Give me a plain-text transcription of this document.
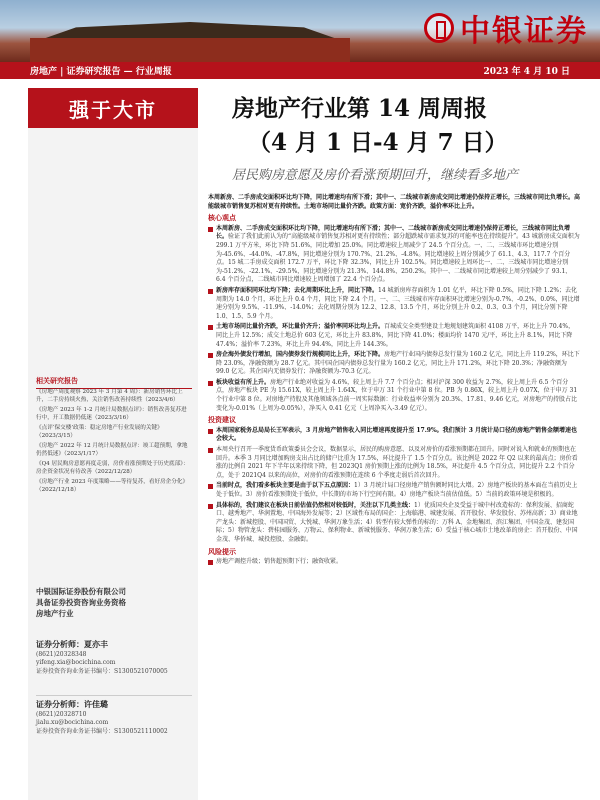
中银证券
房地产 | 证券研究报告 — 行业周报	2023 年 4 月 10 日
强于大市	房地产行业第 14 周周报
（4 月 1 日-4 月 7 日）
居民购房意愿及房价看涨预期回升，继续看多地产

本周新房、二手房成交面积环比均下降，同比增速均有所下滑；其中一、二线城市新房成交同比增速仍保持正增长，三线城市同比负增长。高能级城市销售复苏相对更有持续性。土地市场同比量价齐跌。政策方面：宽价齐跌，溢价率环比上升。

核心观点
本周新房、二手房成交面积环比均下降，同比增速均有所下滑；其中一、二线城市新房成交同比增速仍保持正增长，三线城市同比负增长。验证了我们此前认为的“高能级城市销售复苏相对更有持续性；部分超跌城市需求复苏的可能率也在持续提升”。43 城新房成交面积为 299.1 万平方米，环比下降 51.6%，同比增加 25.0%。同比增速较上周减少了 24.5 个百分点。一、二、三线城市环比增速分别为-45.6%、-44.0%、-47.8%，同比增速分别为 170.7%、21.2%、-4.8%。同比增速较上周分别减少了 61.1、4.3、117.7 个百分点。15 城二手房成交面积 172.7 万平，环比下降 32.3%，同比上升 102.5%。同比增速较上周环比一、二、三线城市同比增速分别为-51.2%、-22.1%、-29.5%，同比增速分别为 21.3%、144.8%、250.2%。其中一、二线城市同比增速较上周分别减少了 93.1、6.4 个百分点，二线城市同比增速较上周增加了 22.4 个百分点。
新房库存面积同环比均下降；去化周期环比上升，同比下降。14 城新房库存面积为 1.01 亿平，环比下降 0.5%，同比下降 1.2%；去化周期为 14.0 个月，环比上升 0.4 个月，同比下降 2.4 个月。一、二、三线城市库存面积环比增速分别为-0.7%、-0.2%、0.0%，同比增速分别为 9.5%、-11.9%、-14.0%；去化周期分别为 12.2、12.8、13.5 个月，环比分别上升 0.2、0.3、0.3 个月，同比分别下降 1.0、1.5、5.9 个月。
土地市场同比量价齐跌，环比量价齐升；溢价率同环比均上升。百城成交全类型建设土地规划建筑面积 4108 万平，环比上升 70.4%，同比上升 12.5%；成交土地总价 603 亿元，环比上升 83.8%，同比下降 41.0%；楼面均价 1470 元/平，环比上升 8.1%，同比下降 47.4%；溢价率 7.23%，环比上升 94.4%，同比上升 144.3%。
房企海外债发行增加，国内债券发行规模同比上升，环比下降。房地产行业国内债券总发行量为 160.2 亿元，同比上升 119.2%，环比下降 23.0%，净融资额为 28.7 亿元。其中国企国内债券总发行量为 160.2 亿元，同比上升 171.2%，环比下降 20.3%；净融资额为 99.0 亿元。其企国内无债券发行；净融资额为-70.3 亿元。
板块收益有所上升。房地产行业绝对收益为 4.6%，较上周上升 7.7 个百分点；相对沪深 300 收益为 2.7%，较上周上升 6.5 个百分点，房地产板块 PE 为 15.61X，较上周上升 1.64X，位于申万 31 个行业中第 8 位。PB 为 0.86X，较上周上升 0.07X，位于申万 31 个行业中第 8 位。对房地产持股及其他领域各点前一周实际数据：行业收益率分别为 20.3%、17.81、9.46 亿元，对房地产的持股占比变化为-0.01%（上周为-0.05%），净买入 0.41 亿元（上周净买入-3.49 亿元）。
投资建议
本周国家税务总局局长王军表示，3 月房地产销售收入同比增速再度提升至 17.9%。我们预计 3 月统计局口径的房地产销售金额增速也会较大。
本周央行召开一季度货币政策委员会会议，数据显示，居民的购房意愿、以及对房价的看涨预期都在回升。同时对说入和就业的预期也在回升。本季 3 月同比增加购房支出占比的储户比重为 17.5%，环比提升了 1.5 个百分点。该比例是 2022 年 Q2 以来的最高点；房价看涨的比例自 2021 年下半年以来持续下降，但 2023Q1 房价预期上涨的比例为 18.5%，环比提升 4.5 个百分点，同比提升 2.2 个百分点，处于 2021Q4 以来的高位，对房价的看涨预期在连续 6 个季度走弱后首次回升。
当前时点，我们看多板块主要是由于以下五点原因：1）3 月统计局口径房地产销售额时同比大增。2）房地产板块的基本面在当前历史上处于低位。3）房价看涨预期处于低位，中长期的市场下行空间有限。4）房地产板块当前估值低。5）当前的政策环境是积极的。
具体标的，我们建议在板块日前估值仍然相对较低时，关注以下几类主线：1）优质国央企及受益于城中村改造标的：保利发展、招商蛇口、越秀地产、华润置地、中国海外发展等；2）区域性布局的国企：上海临港、城建发展、首开股份、华发股份、苏州高新；3）商业地产龙头：新城控股、中国国贸、大悦城、华润万象生活；4）转型有较大弹性的标的：万科 A、金地集团、滨江集团、中国金茂、建发国际；5）物管龙头：碧桂园服务、万物云、保利物业、新城悦服务、华润万象生活；6）受益于核心城市土地改革的房企：首开股份、中国金茂、华侨城、城投控股、金融街。
风险提示
房地产调控升级；销售超预期下行；融资收紧。
相关研究报告

《房地产周度观察 2023 年 3 月第 4 周》：新房销售环比上升，二手房持续火热，关注销售改善持续性（2023/4/6）

《房地产 2023 年 1-2 月统计局数据点评》：销售改善复苏进行中，开工数据仍低迷（2023/3/16）

《点评‘保交楼’政策：稳定房地产行业发展的关键》（2023/3/15）

《房地产 2022 年 12 月统计局数据点评：竣工超预期，拿地仍然低迷》（2023/1/17）

《Q4 居民购房意愿再度走弱，房价看涨预期处于历史底部》：房企资金状况有待改善（2022/12/28）

《房地产行业 2023 年度策略——等待复苏，看好房企分化》（2022/12/18）

中银国际证券股份有限公司
具备证券投资咨询业务资格
房地产行业
证券分析师：夏亦丰
(8621)20328348
yifeng.xia@bocichina.com
证券投资咨询业务证书编号：S1300521070005
证券分析师：许佳璐
(8621)20328710
jialu.xu@bocichina.com
证券投资咨询业务证书编号：S1300521110002
